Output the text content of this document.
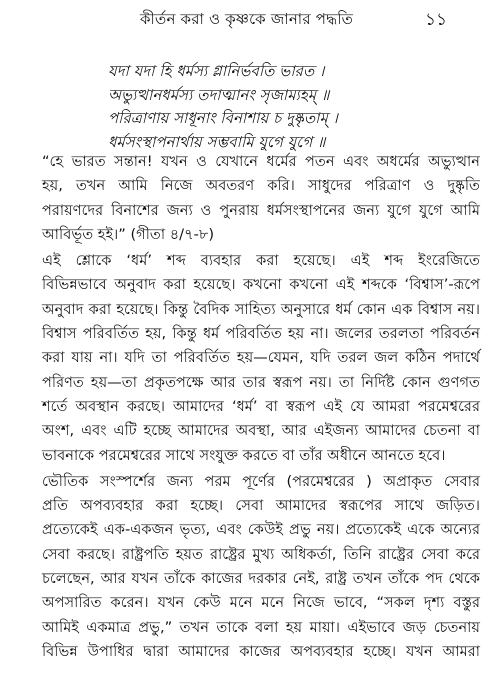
কীর্তন করা ও কৃষ্ণকে জানার পদ্ধতি	১১

যদা যদা হি ধর্মস্য গ্লানির্ভবতি ভারত ।

অভ্যুত্থানধর্মস্য তদাত্মানং সৃজাম্যহম্ ॥

পরিত্রাণায় সাধূনাং বিনাশায় চ দুষ্কৃতাম্ ।

ধর্মসংস্থাপনার্থায় সম্ভবামি যুগে যুগে ॥

“হে ভারত সন্তান! যখন ও যেখানে ধর্মের পতন এবং অধর্মের অভ্যুত্থান
হয়, তখন আমি নিজে অবতরণ করি। সাধুদের পরিত্রাণ ও দুষ্কৃতি
পরায়ণদের বিনাশের জন্য ও পুনরায় ধর্মসংস্থাপনের জন্য যুগে যুগে আমি
আবির্ভূত হই।” (গীতা ৪/৭-৮)
এই শ্লোকে ‘ধর্ম’ শব্দ ব্যবহার করা হয়েছে। এই শব্দ ইংরেজিতে
বিভিন্নভাবে অনুবাদ করা হয়েছে। কখনো কখনো এই শব্দকে ‘বিশ্বাস’-রূপে
অনুবাদ করা হয়েছে। কিন্তু বৈদিক সাহিত্য অনুসারে ধর্ম কোন এক বিশ্বাস নয়।
বিশ্বাস পরিবর্তিত হয়, কিন্তু ধর্ম পরিবর্তিত হয় না। জলের তরলতা পরিবর্তন
করা যায় না। যদি তা পরিবর্তিত হয়—যেমন, যদি তরল জল কঠিন পদার্থে
পরিণত হয়—তা প্রকৃতপক্ষে আর তার স্বরূপ নয়। তা নির্দিষ্ট কোন গুণগত
শর্তে অবস্থান করছে। আমাদের ‘ধর্ম’ বা স্বরূপ এই যে আমরা পরমেশ্বরের
অংশ, এবং এটি হচ্ছে আমাদের অবস্থা, আর এইজন্য আমাদের চেতনা বা
ভাবনাকে পরমেশ্বরের সাথে সংযুক্ত করতে বা তাঁর অধীনে আনতে হবে।
ভৌতিক সংস্পর্শের জন্য পরম পূর্ণের (পরমেশ্বরের ) অপ্রাকৃত সেবার
প্রতি অপব্যবহার করা হচ্ছে। সেবা আমাদের স্বরূপের সাথে জড়িত।
প্রত্যেকেই এক-একজন ভৃত্য, এবং কেউই প্রভু নয়। প্রত্যেকেই একে অন্যের
সেবা করছে। রাষ্ট্রপতি হয়ত রাষ্ট্রের মুখ্য অধিকর্তা, তিনি রাষ্ট্রের সেবা করে
চলেছেন, আর যখন তাঁকে কাজের দরকার নেই, রাষ্ট্র তখন তাঁকে পদ থেকে
অপসারিত করেন। যখন কেউ মনে মনে নিজে ভাবে, “সকল দৃশ্য বস্তুর
আমিই একমাত্র প্রভু,” তখন তাকে বলা হয় মায়া। এইভাবে জড় চেতনায়
বিভিন্ন উপাধির দ্বারা আমাদের কাজের অপব্যবহার হচ্ছে। যখন আমরা
